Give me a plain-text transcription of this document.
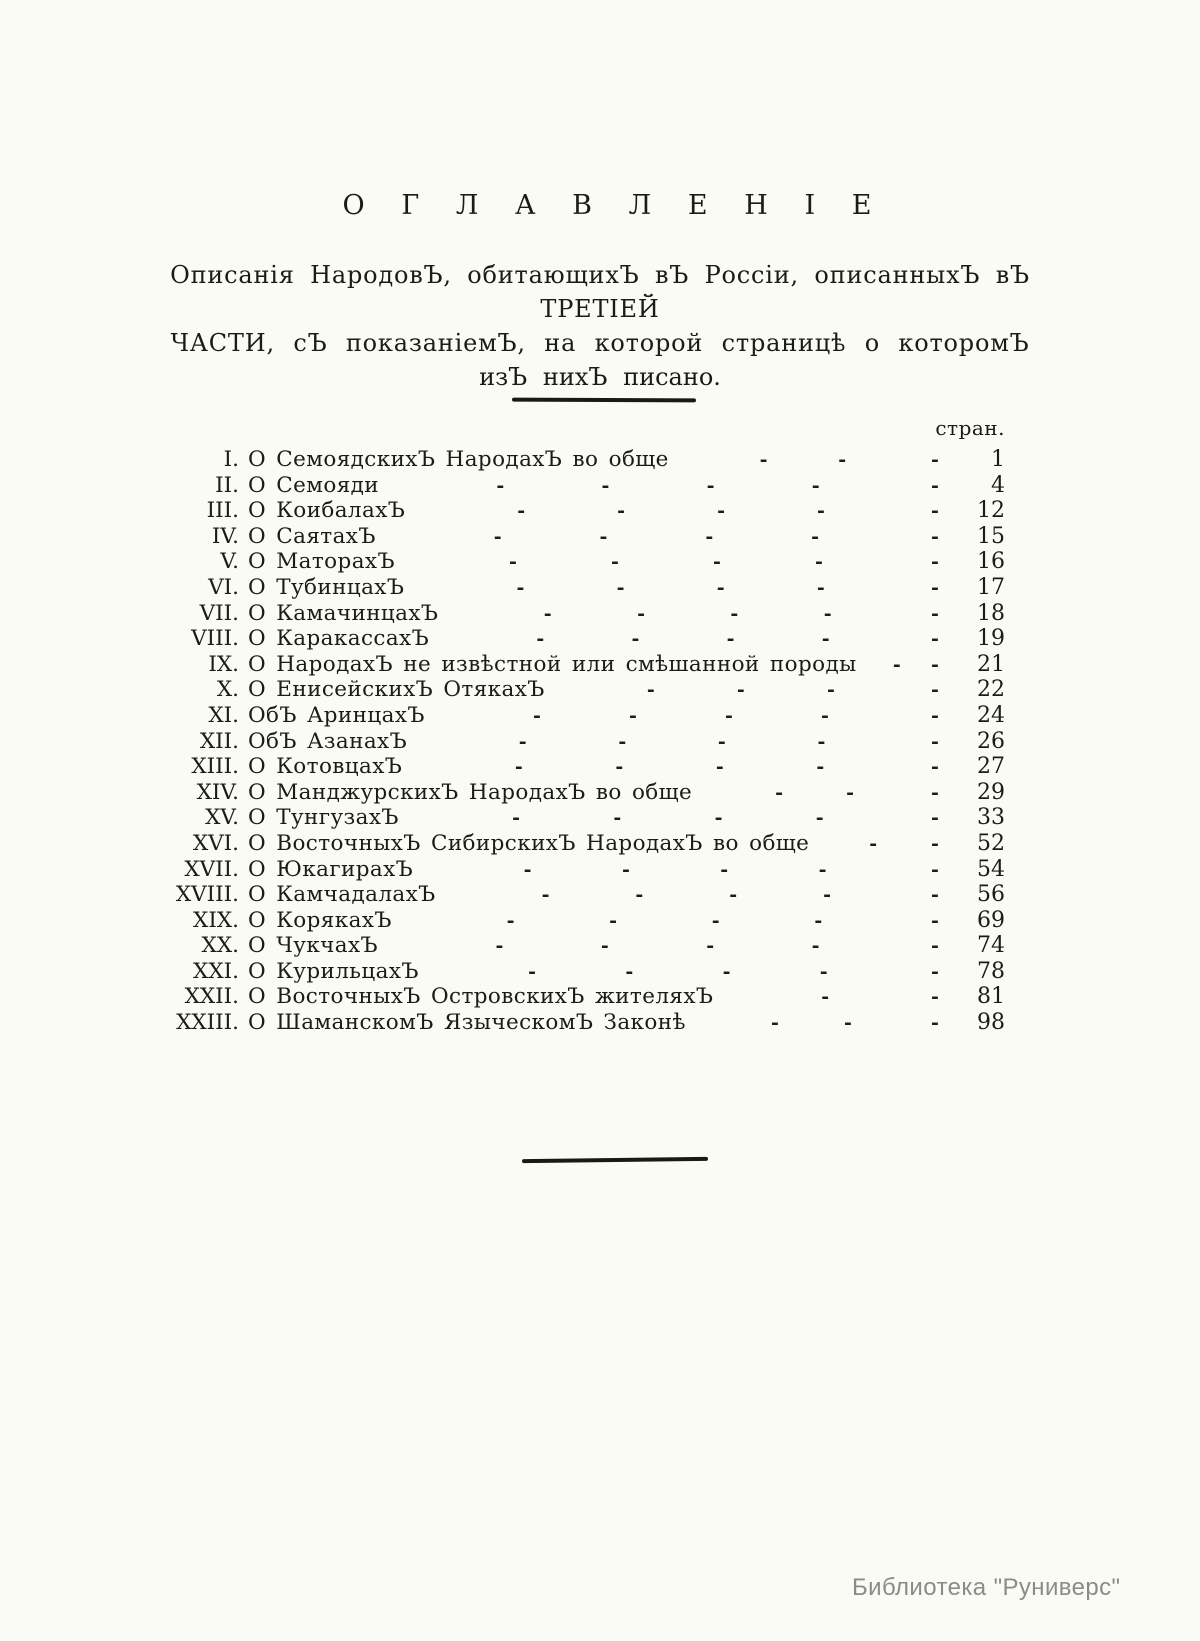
О Г Л А В Л Е Н І Е
Описанія НародовЪ, обитающихЪ вЪ Россіи, описанныхЪ вЪ ТРЕТІЕЙ
ЧАСТИ, сЪ показаніемЪ, на которой страницѣ о которомЪ
изЪ нихЪ писано.
стран.
I. О СемоядскихЪ НародахЪ во обще	-	-	-	1
II. О Семояди	-	-	-	-	-	4
III. О КоибалахЪ	-	-	-	-	-	12
IV. О СаятахЪ	-	-	-	-	-	15
V. О МаторахЪ	-	-	-	-	-	16
VI. О ТубинцахЪ	-	-	-	-	-	17
VII. О КамачинцахЪ	-	-	-	-	-	18
VIII. О КаракассахЪ	-	-	-	-	-	19
IX. О НародахЪ не извѣстной или смѣшанной породы - -	21
X. О ЕнисейскихЪ ОтякахЪ	-	-	-	-	22
XI. ОбЪ АринцахЪ	-	-	-	-	-	24
XII. ОбЪ АзанахЪ	-	-	-	-	-	26
XIII. О КотовцахЪ	-	-	-	-	-	27
XIV. О МанджурскихЪ НародахЪ во обще	-	-	-	29
XV. О ТунгузахЪ	-	-	-	-	-	33
XVI. О ВосточныхЪ СибирскихЪ НародахЪ во обще	-	-	52
XVII. О ЮкагирахЪ	-	-	-	-	-	54
XVIII. О КамчадалахЪ	-	-	-	-	-	56
XIX. О КорякахЪ	-	-	-	-	-	69
XX. О ЧукчахЪ	-	-	-	-	-	74
XXI. О КурильцахЪ	-	-	-	-	-	78
XXII. О ВосточныхЪ ОстровскихЪ жителяхЪ	-	-	81
XXIII. О ШаманскомЪ ЯзыческомЪ Законѣ	-	-	-	98
Библиотека "Руниверс"
